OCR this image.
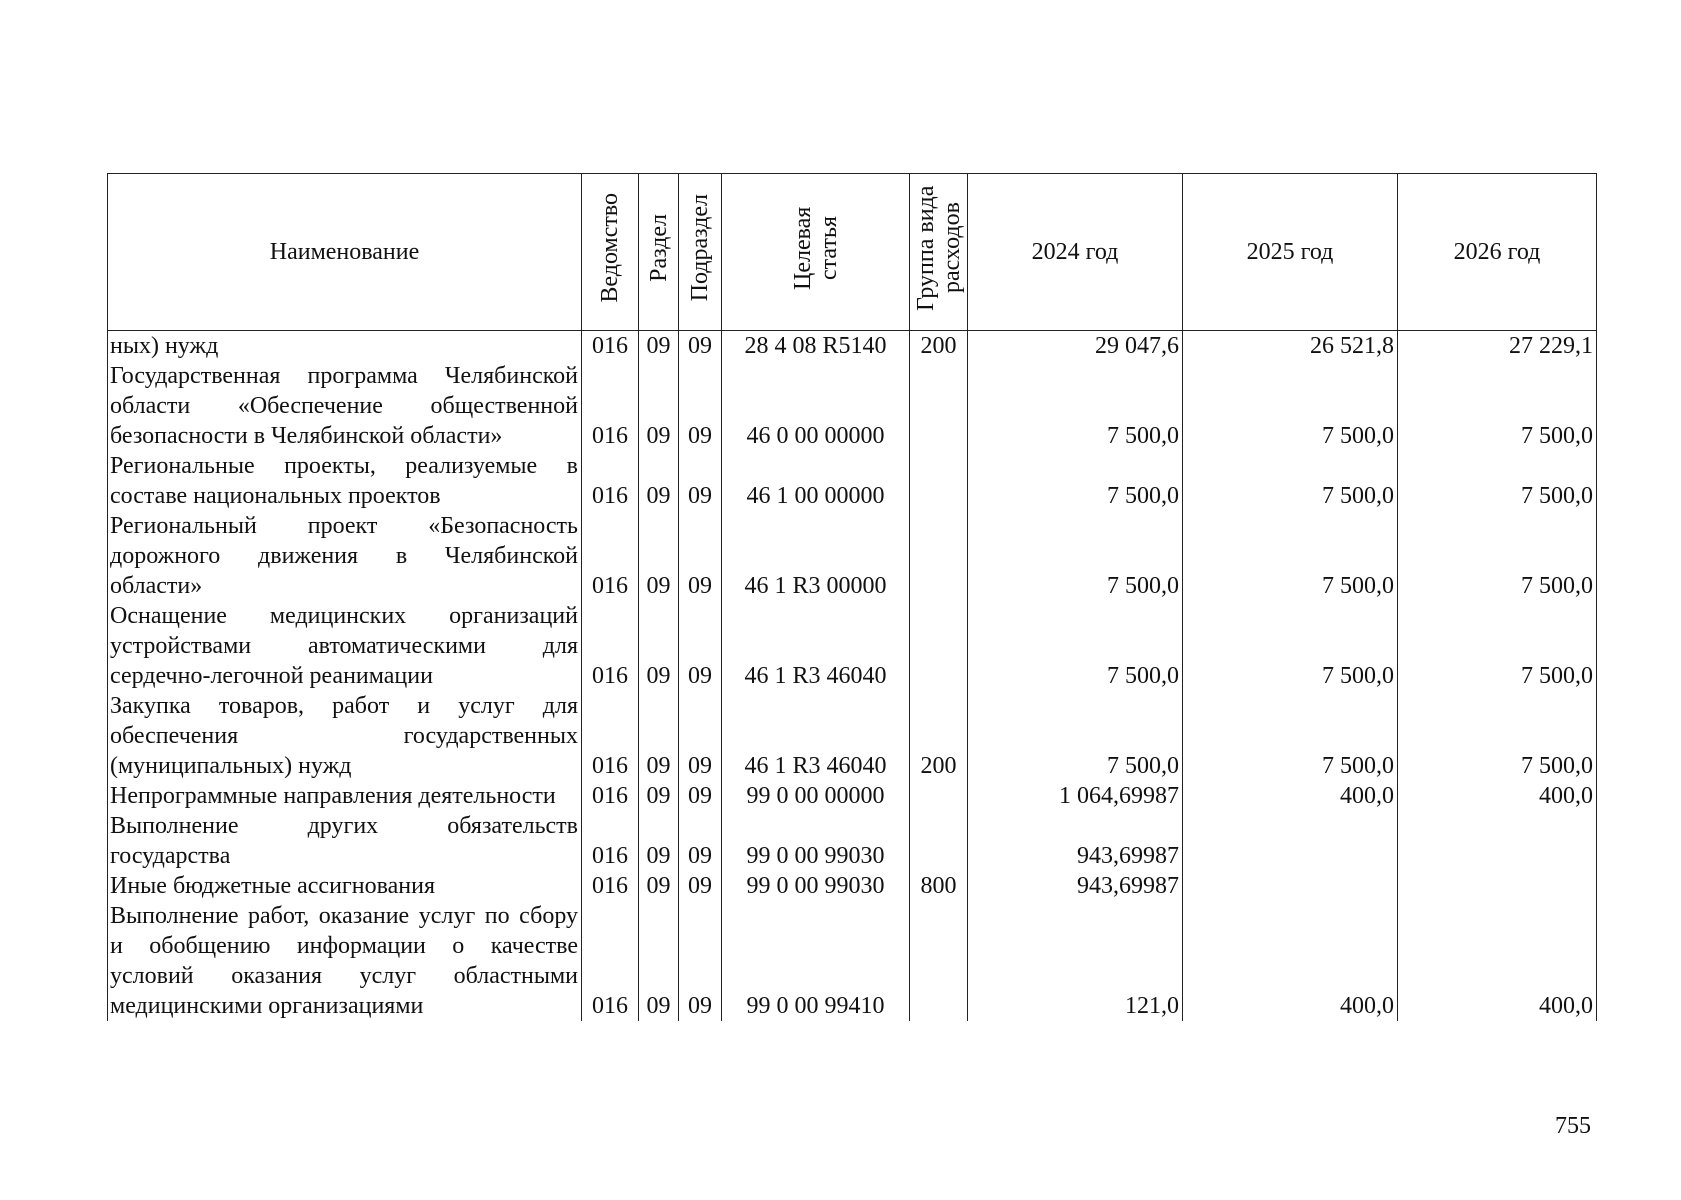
Наименование	Ведомство	Раздел	Подраздел	Целевая статья	Группа вида расходов	2024 год	2025 год	2026 год
ных) нужд	016	09	09	28 4 08 R5140	200	29 047,6	26 521,8	27 229,1
Государственная программа Челябинской области «Обеспечение общественной безопасности в Челябинской области»	016	09	09	46 0 00 00000		7 500,0	7 500,0	7 500,0
Региональные проекты, реализуемые в составе национальных проектов	016	09	09	46 1 00 00000		7 500,0	7 500,0	7 500,0
Региональный проект «Безопасность дорожного движения в Челябинской области»	016	09	09	46 1 R3 00000		7 500,0	7 500,0	7 500,0
Оснащение медицинских организаций устройствами автоматическими для сердечно-легочной реанимации	016	09	09	46 1 R3 46040		7 500,0	7 500,0	7 500,0
Закупка товаров, работ и услуг для обеспечения государственных (муниципальных) нужд	016	09	09	46 1 R3 46040	200	7 500,0	7 500,0	7 500,0
Непрограммные направления деятельности	016	09	09	99 0 00 00000		1 064,69987	400,0	400,0
Выполнение других обязательств государства	016	09	09	99 0 00 99030		943,69987		
Иные бюджетные ассигнования	016	09	09	99 0 00 99030	800	943,69987		
Выполнение работ, оказание услуг по сбору и обобщению информации о качестве условий оказания услуг областными медицинскими организациями	016	09	09	99 0 00 99410		121,0	400,0	400,0
755
